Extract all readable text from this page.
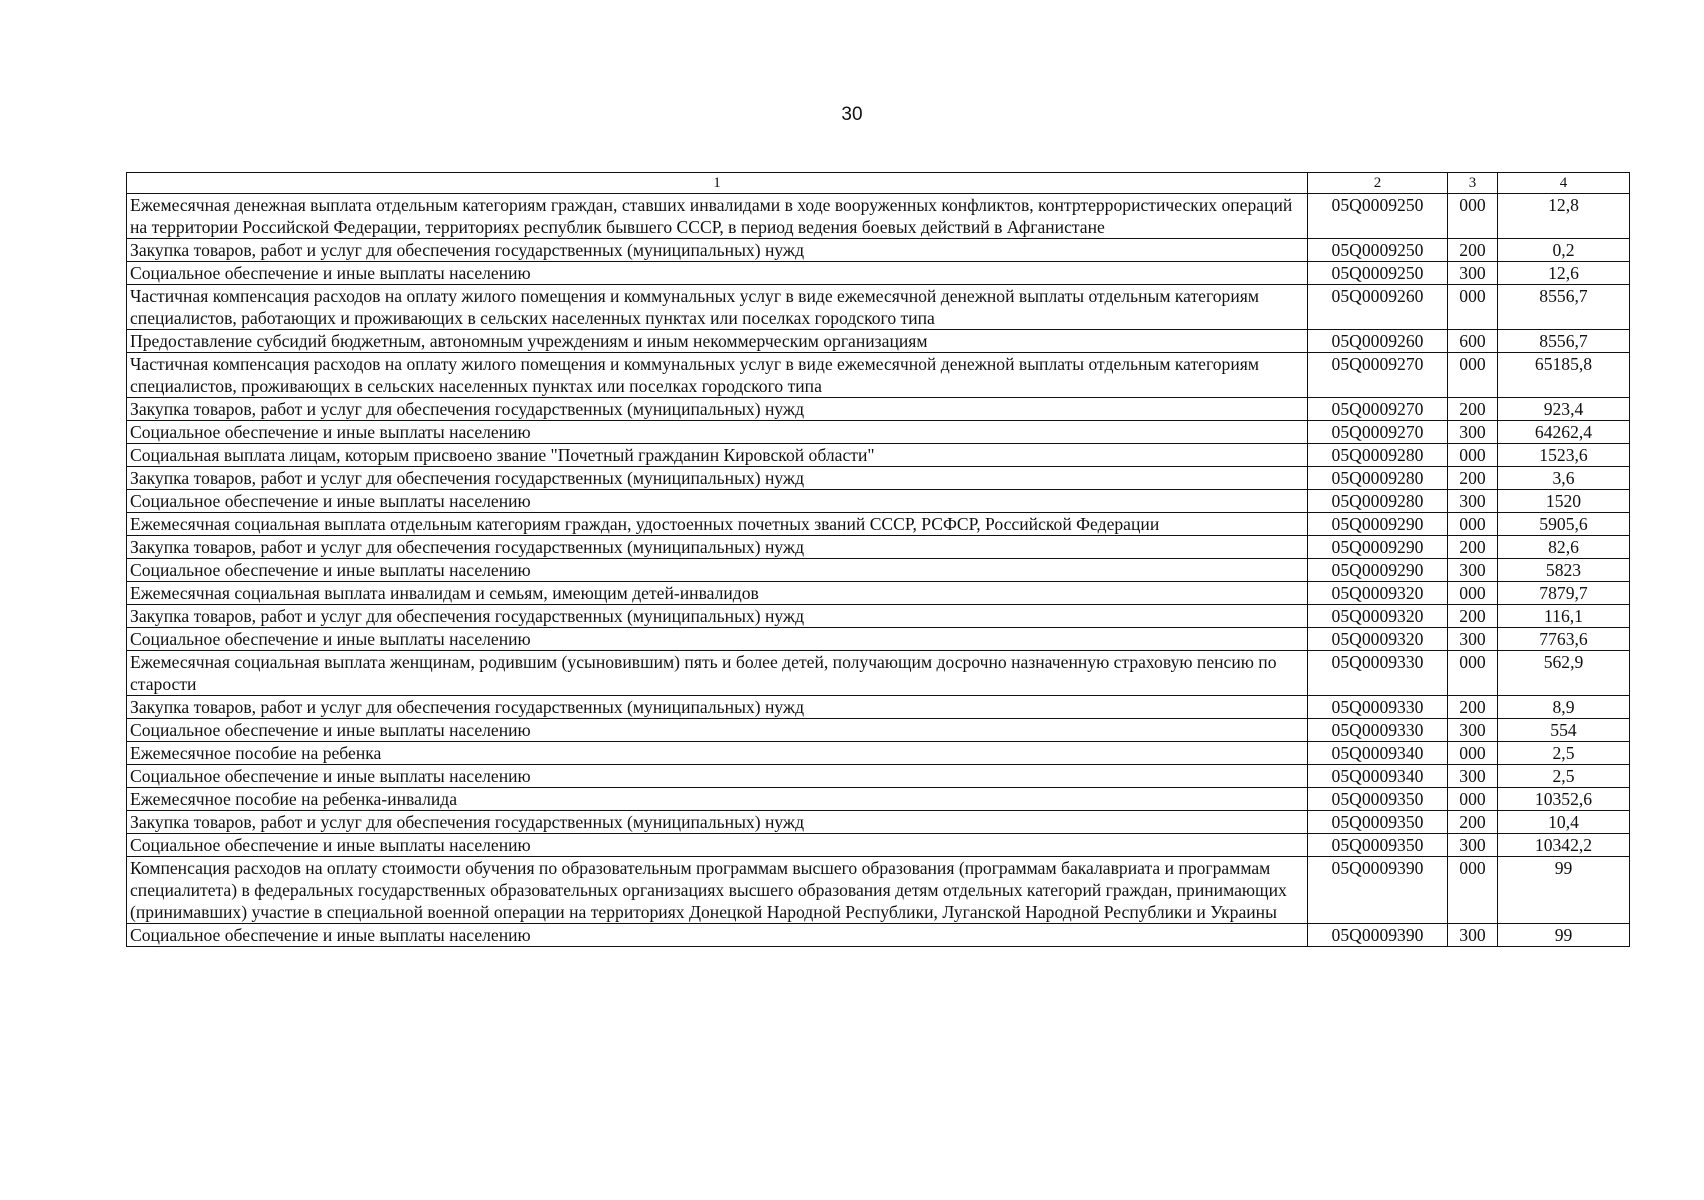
30
1	2	3	4
Ежемесячная денежная выплата отдельным категориям граждан, ставших инвалидами в ходе вооруженных конфликтов, контртеррористических операций на территории Российской Федерации, территориях республик бывшего СССР, в период ведения боевых действий в Афганистане	05Q0009250	000	12,8
Закупка товаров, работ и услуг для обеспечения государственных (муниципальных) нужд	05Q0009250	200	0,2
Социальное обеспечение и иные выплаты населению	05Q0009250	300	12,6
Частичная компенсация расходов на оплату жилого помещения и коммунальных услуг в виде ежемесячной денежной выплаты отдельным категориям специалистов, работающих и проживающих в сельских населенных пунктах или поселках городского типа	05Q0009260	000	8556,7
Предоставление субсидий бюджетным, автономным учреждениям и иным некоммерческим организациям	05Q0009260	600	8556,7
Частичная компенсация расходов на оплату жилого помещения и коммунальных услуг в виде ежемесячной денежной выплаты отдельным категориям специалистов, проживающих в сельских населенных пунктах или поселках городского типа	05Q0009270	000	65185,8
Закупка товаров, работ и услуг для обеспечения государственных (муниципальных) нужд	05Q0009270	200	923,4
Социальное обеспечение и иные выплаты населению	05Q0009270	300	64262,4
Социальная выплата лицам, которым присвоено звание "Почетный гражданин Кировской области"	05Q0009280	000	1523,6
Закупка товаров, работ и услуг для обеспечения государственных (муниципальных) нужд	05Q0009280	200	3,6
Социальное обеспечение и иные выплаты населению	05Q0009280	300	1520
Ежемесячная социальная выплата отдельным категориям граждан, удостоенных почетных званий СССР, РСФСР, Российской Федерации	05Q0009290	000	5905,6
Закупка товаров, работ и услуг для обеспечения государственных (муниципальных) нужд	05Q0009290	200	82,6
Социальное обеспечение и иные выплаты населению	05Q0009290	300	5823
Ежемесячная социальная выплата инвалидам и семьям, имеющим детей-инвалидов	05Q0009320	000	7879,7
Закупка товаров, работ и услуг для обеспечения государственных (муниципальных) нужд	05Q0009320	200	116,1
Социальное обеспечение и иные выплаты населению	05Q0009320	300	7763,6
Ежемесячная социальная выплата женщинам, родившим (усыновившим) пять и более детей, получающим досрочно назначенную страховую пенсию по старости	05Q0009330	000	562,9
Закупка товаров, работ и услуг для обеспечения государственных (муниципальных) нужд	05Q0009330	200	8,9
Социальное обеспечение и иные выплаты населению	05Q0009330	300	554
Ежемесячное пособие на ребенка	05Q0009340	000	2,5
Социальное обеспечение и иные выплаты населению	05Q0009340	300	2,5
Ежемесячное пособие на ребенка-инвалида	05Q0009350	000	10352,6
Закупка товаров, работ и услуг для обеспечения государственных (муниципальных) нужд	05Q0009350	200	10,4
Социальное обеспечение и иные выплаты населению	05Q0009350	300	10342,2
Компенсация расходов на оплату стоимости обучения по образовательным программам высшего образования (программам бакалавриата и программам специалитета) в федеральных государственных образовательных организациях высшего образования детям отдельных категорий граждан, принимающих (принимавших) участие в специальной военной операции на территориях Донецкой Народной Республики, Луганской Народной Республики и Украины	05Q0009390	000	99
Социальное обеспечение и иные выплаты населению	05Q0009390	300	99
